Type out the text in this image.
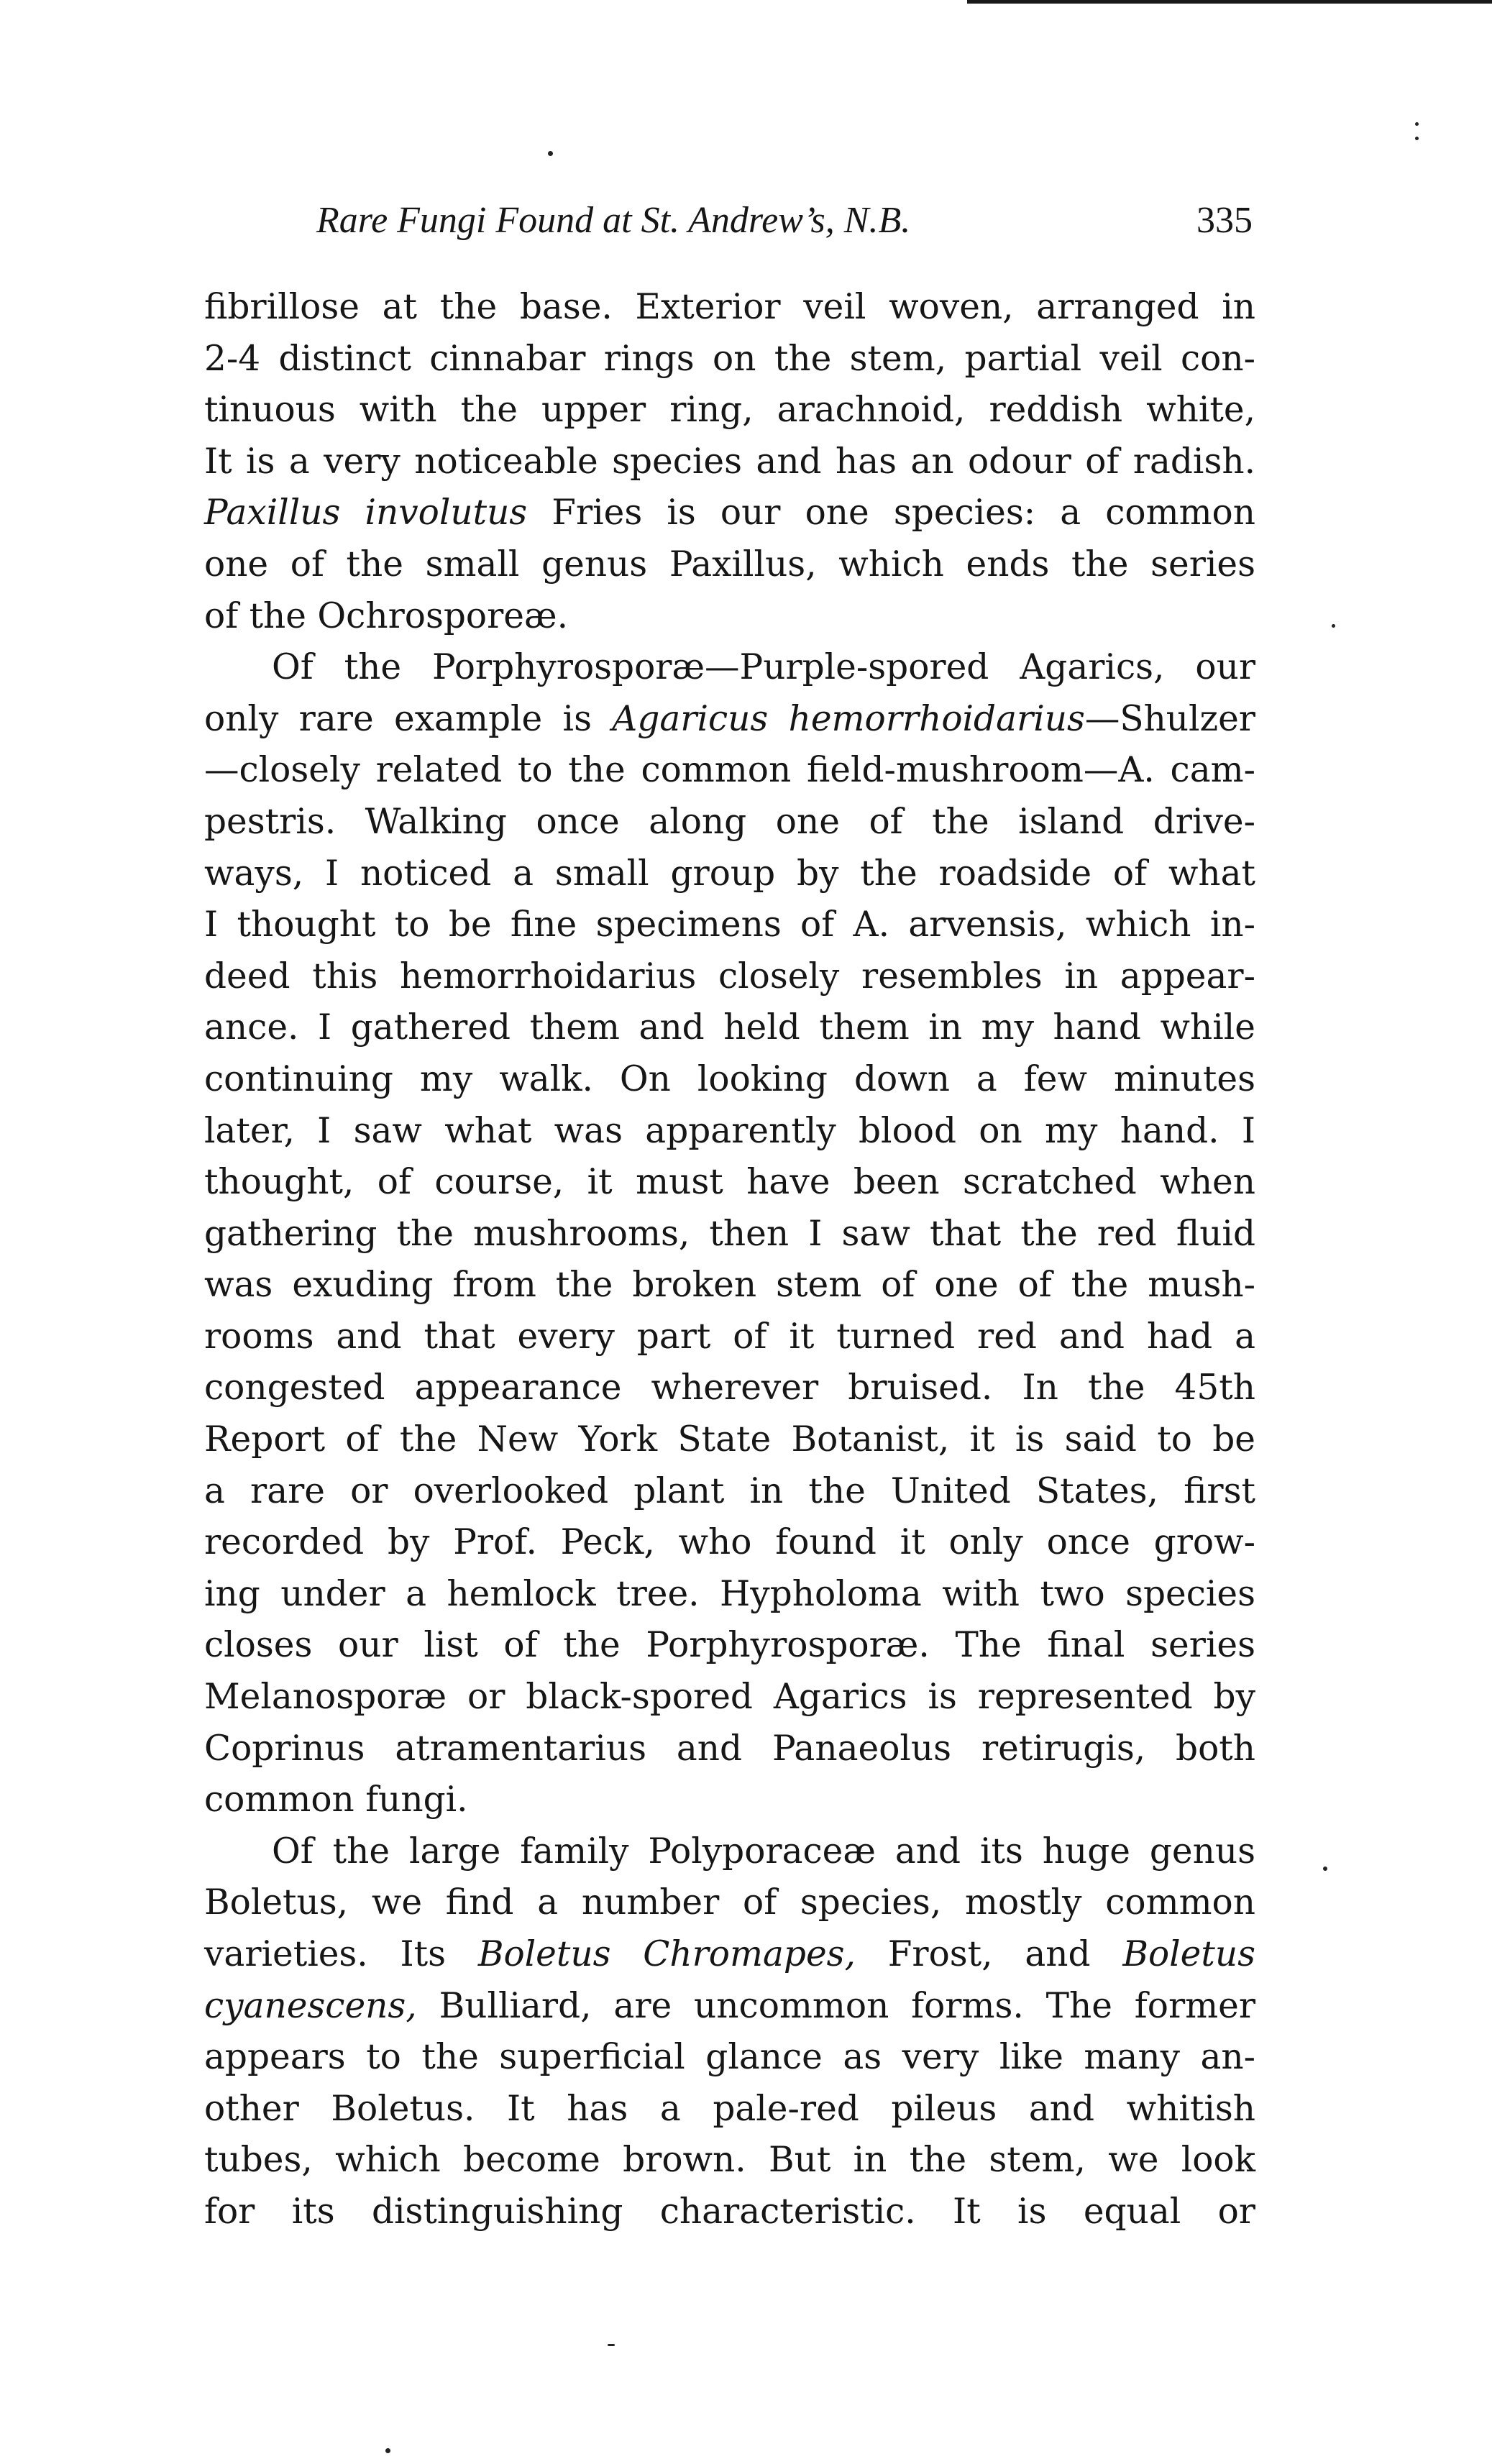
Rare Fungi Found at St. Andrew’s, N.B.	335
fibrillose at the base. Exterior veil woven, arranged in
2-4 distinct cinnabar rings on the stem, partial veil con-
tinuous with the upper ring, arachnoid, reddish white,
It is a very noticeable species and has an odour of radish.
Paxillus involutus Fries is our one species: a common
one of the small genus Paxillus, which ends the series
of the Ochrosporeæ.
Of the Porphyrosporæ—Purple-spored Agarics, our
only rare example is Agaricus hemorrhoidarius—Shulzer
—closely related to the common field-mushroom—A. cam-
pestris. Walking once along one of the island drive-
ways, I noticed a small group by the roadside of what
I thought to be fine specimens of A. arvensis, which in-
deed this hemorrhoidarius closely resembles in appear-
ance. I gathered them and held them in my hand while
continuing my walk. On looking down a few minutes
later, I saw what was apparently blood on my hand. I
thought, of course, it must have been scratched when
gathering the mushrooms, then I saw that the red fluid
was exuding from the broken stem of one of the mush-
rooms and that every part of it turned red and had a
congested appearance wherever bruised. In the 45th
Report of the New York State Botanist, it is said to be
a rare or overlooked plant in the United States, first
recorded by Prof. Peck, who found it only once grow-
ing under a hemlock tree. Hypholoma with two species
closes our list of the Porphyrosporæ. The final series
Melanosporæ or black-spored Agarics is represented by
Coprinus atramentarius and Panaeolus retirugis, both
common fungi.
Of the large family Polyporaceæ and its huge genus
Boletus, we find a number of species, mostly common
varieties. Its Boletus Chromapes, Frost, and Boletus
cyanescens, Bulliard, are uncommon forms. The former
appears to the superficial glance as very like many an-
other Boletus. It has a pale-red pileus and whitish
tubes, which become brown. But in the stem, we look
for its distinguishing characteristic. It is equal or
